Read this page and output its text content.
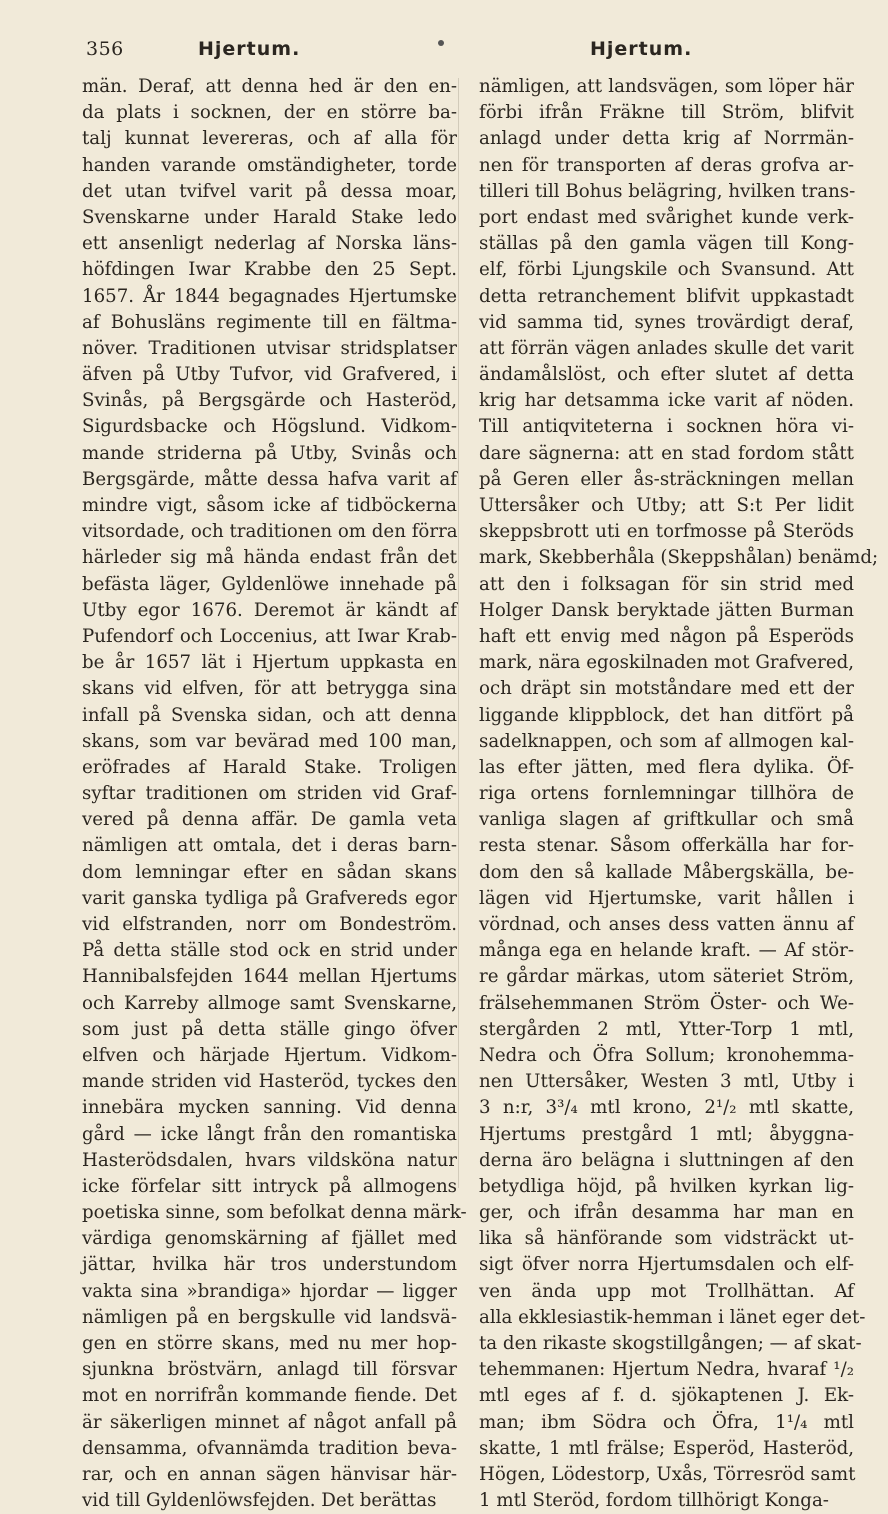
356	Hjertum.	Hjertum.
män. Deraf, att denna hed är den en-
da plats i socknen, der en större ba-
talj kunnat levereras, och af alla för
handen varande omständigheter, torde
det utan tvifvel varit på dessa moar,
Svenskarne under Harald Stake ledo
ett ansenligt nederlag af Norska läns-
höfdingen Iwar Krabbe den 25 Sept.
1657. År 1844 begagnades Hjertumske
af Bohusläns regimente till en fältma-
növer. Traditionen utvisar stridsplatser
äfven på Utby Tufvor, vid Grafvered, i
Svinås, på Bergsgärde och Hasteröd,
Sigurdsbacke och Högslund. Vidkom-
mande striderna på Utby, Svinås och
Bergsgärde, måtte dessa hafva varit af
mindre vigt, såsom icke af tidböckerna
vitsordade, och traditionen om den förra
härleder sig må hända endast från det
befästa läger, Gyldenlöwe innehade på
Utby egor 1676. Deremot är kändt af
Pufendorf och Loccenius, att Iwar Krab-
be år 1657 lät i Hjertum uppkasta en
skans vid elfven, för att betrygga sina
infall på Svenska sidan, och att denna
skans, som var bevärad med 100 man,
eröfrades af Harald Stake. Troligen
syftar traditionen om striden vid Graf-
vered på denna affär. De gamla veta
nämligen att omtala, det i deras barn-
dom lemningar efter en sådan skans
varit ganska tydliga på Grafvereds egor
vid elfstranden, norr om Bondeström.
På detta ställe stod ock en strid under
Hannibalsfejden 1644 mellan Hjertums
och Karreby allmoge samt Svenskarne,
som just på detta ställe gingo öfver
elfven och härjade Hjertum. Vidkom-
mande striden vid Hasteröd, tyckes den
innebära mycken sanning. Vid denna
gård — icke långt från den romantiska
Hasterödsdalen, hvars vildsköna natur
icke förfelar sitt intryck på allmogens
poetiska sinne, som befolkat denna märk-
värdiga genomskärning af fjället med
jättar, hvilka här tros understundom
vakta sina »brandiga» hjordar — ligger
nämligen på en bergskulle vid landsvä-
gen en större skans, med nu mer hop-
sjunkna bröstvärn, anlagd till försvar
mot en norrifrån kommande fiende. Det
är säkerligen minnet af något anfall på
densamma, ofvannämda tradition beva-
rar, och en annan sägen hänvisar här-
vid till Gyldenlöwsfejden. Det berättas
nämligen, att landsvägen, som löper här
förbi ifrån Fräkne till Ström, blifvit
anlagd under detta krig af Norrmän-
nen för transporten af deras grofva ar-
tilleri till Bohus belägring, hvilken trans-
port endast med svårighet kunde verk-
ställas på den gamla vägen till Kong-
elf, förbi Ljungskile och Svansund. Att
detta retranchement blifvit uppkastadt
vid samma tid, synes trovärdigt deraf,
att förrän vägen anlades skulle det varit
ändamålslöst, och efter slutet af detta
krig har detsamma icke varit af nöden.
Till antiqviteterna i socknen höra vi-
dare sägnerna: att en stad fordom stått
på Geren eller ås-sträckningen mellan
Uttersåker och Utby; att S:t Per lidit
skeppsbrott uti en torfmosse på Steröds
mark, Skebberhåla (Skeppshålan) benämd;
att den i folksagan för sin strid med
Holger Dansk beryktade jätten Burman
haft ett envig med någon på Esperöds
mark, nära egoskilnaden mot Grafvered,
och dräpt sin motståndare med ett der
liggande klippblock, det han ditfört på
sadelknappen, och som af allmogen kal-
las efter jätten, med flera dylika. Öf-
riga ortens fornlemningar tillhöra de
vanliga slagen af griftkullar och små
resta stenar. Såsom offerkälla har for-
dom den så kallade Måbergskälla, be-
lägen vid Hjertumske, varit hållen i
vördnad, och anses dess vatten ännu af
många ega en helande kraft. — Af stör-
re gårdar märkas, utom säteriet Ström,
frälsehemmanen Ström Öster- och We-
stergården 2 mtl, Ytter-Torp 1 mtl,
Nedra och Öfra Sollum; kronohemma-
nen Uttersåker, Westen 3 mtl, Utby i
3 n:r, 3³/₄ mtl krono, 2¹/₂ mtl skatte,
Hjertums prestgård 1 mtl; åbyggna-
derna äro belägna i sluttningen af den
betydliga höjd, på hvilken kyrkan lig-
ger, och ifrån desamma har man en
lika så hänförande som vidsträckt ut-
sigt öfver norra Hjertumsdalen och elf-
ven ända upp mot Trollhättan. Af
alla ekklesiastik-hemman i länet eger det-
ta den rikaste skogstillgången; — af skat-
tehemmanen: Hjertum Nedra, hvaraf ¹/₂
mtl eges af f. d. sjökaptenen J. Ek-
man; ibm Södra och Öfra, 1¹/₄ mtl
skatte, 1 mtl frälse; Esperöd, Hasteröd,
Högen, Lödestorp, Uxås, Törresröd samt
1 mtl Steröd, fordom tillhörigt Konga-
